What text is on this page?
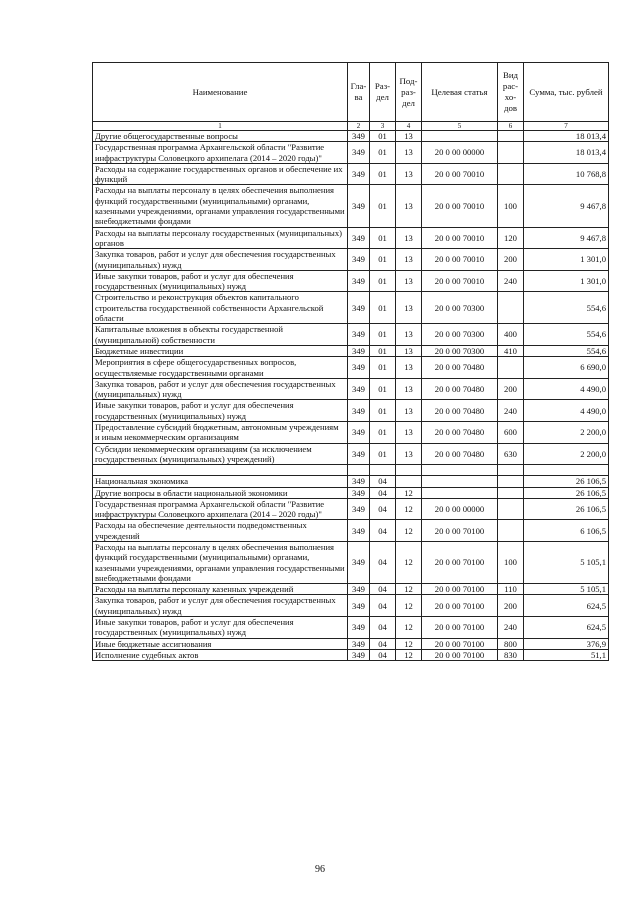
Наименование	Гла- ва	Раз- дел	Под- раз- дел	Целевая статья	Вид рас- хо- дов	Сумма, тыс. рублей
1	2	3	4	5	6	7
Другие общегосударственные вопросы	349	01	13			18 013,4
Государственная программа Архангельской области "Развитие инфраструктуры Соловецкого архипелага (2014 – 2020 годы)"	349	01	13	20 0 00 00000		18 013,4
Расходы на содержание государственных органов и обеспечение их функций	349	01	13	20 0 00 70010		10 768,8
Расходы на выплаты персоналу в целях обеспечения выполнения функций государственными (муниципальными) органами, казенными учреждениями, органами управления государственными внебюджетными фондами	349	01	13	20 0 00 70010	100	9 467,8
Расходы на выплаты персоналу государственных (муниципальных) органов	349	01	13	20 0 00 70010	120	9 467,8
Закупка товаров, работ и услуг для обеспечения государственных (муниципальных) нужд	349	01	13	20 0 00 70010	200	1 301,0
Иные закупки товаров, работ и услуг для обеспечения государственных (муниципальных) нужд	349	01	13	20 0 00 70010	240	1 301,0
Строительство и реконструкция объектов капитального строительства государственной собственности Архангельской области	349	01	13	20 0 00 70300		554,6
Капитальные вложения в объекты государственной (муниципальной) собственности	349	01	13	20 0 00 70300	400	554,6
Бюджетные инвестиции	349	01	13	20 0 00 70300	410	554,6
Мероприятия в сфере общегосударственных вопросов, осуществляемые государственными органами	349	01	13	20 0 00 70480		6 690,0
Закупка товаров, работ и услуг для обеспечения государственных (муниципальных) нужд	349	01	13	20 0 00 70480	200	4 490,0
Иные закупки товаров, работ и услуг для обеспечения государственных (муниципальных) нужд	349	01	13	20 0 00 70480	240	4 490,0
Предоставление субсидий бюджетным, автономным учреждениям и иным некоммерческим организациям	349	01	13	20 0 00 70480	600	2 200,0
Субсидии некоммерческим организациям (за исключением государственных (муниципальных) учреждений)	349	01	13	20 0 00 70480	630	2 200,0

Национальная экономика	349	04				26 106,5
Другие вопросы в области национальной экономики	349	04	12			26 106,5
Государственная программа Архангельской области "Развитие инфраструктуры Соловецкого архипелага (2014 – 2020 годы)"	349	04	12	20 0 00 00000		26 106,5
Расходы на обеспечение деятельности подведомственных учреждений	349	04	12	20 0 00 70100		6 106,5
Расходы на выплаты персоналу в целях обеспечения выполнения функций государственными (муниципальными) органами, казенными учреждениями, органами управления государственными внебюджетными фондами	349	04	12	20 0 00 70100	100	5 105,1
Расходы на выплаты персоналу казенных учреждений	349	04	12	20 0 00 70100	110	5 105,1
Закупка товаров, работ и услуг для обеспечения государственных (муниципальных) нужд	349	04	12	20 0 00 70100	200	624,5
Иные закупки товаров, работ и услуг для обеспечения государственных (муниципальных) нужд	349	04	12	20 0 00 70100	240	624,5
Иные бюджетные ассигнования	349	04	12	20 0 00 70100	800	376,9
Исполнение судебных актов	349	04	12	20 0 00 70100	830	51,1
96
